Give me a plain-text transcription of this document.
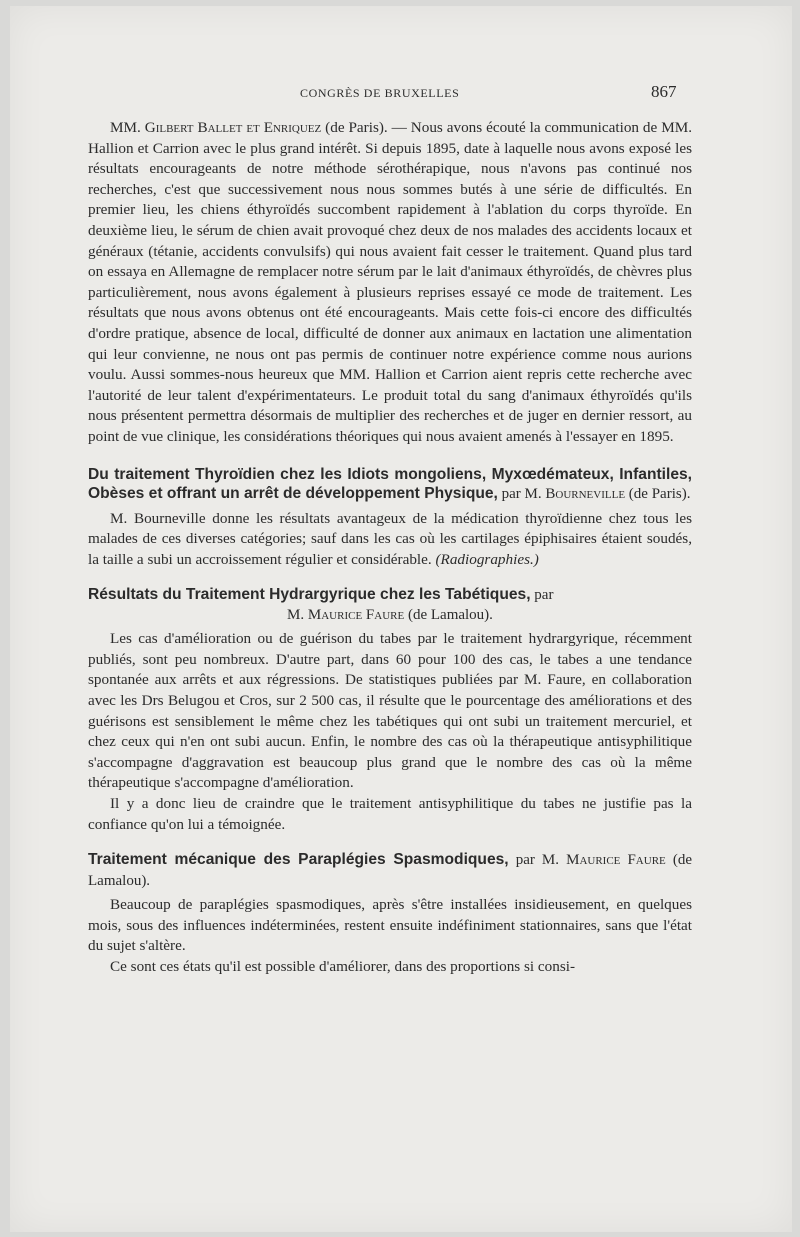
CONGRÈS DE BRUXELLES	867

MM. Gilbert Ballet et Enriquez (de Paris). — Nous avons écouté la communication de MM. Hallion et Carrion avec le plus grand intérêt. Si depuis 1895, date à laquelle nous avons exposé les résultats encourageants de notre méthode sérothérapique, nous n'avons pas continué nos recherches, c'est que successivement nous nous sommes butés à une série de difficultés. En premier lieu, les chiens éthyroïdés succombent rapidement à l'ablation du corps thyroïde. En deuxième lieu, le sérum de chien avait provoqué chez deux de nos malades des accidents locaux et généraux (tétanie, accidents convulsifs) qui nous avaient fait cesser le traitement. Quand plus tard on essaya en Allemagne de remplacer notre sérum par le lait d'animaux éthyroïdés, de chèvres plus particulièrement, nous avons également à plusieurs reprises essayé ce mode de traitement. Les résultats que nous avons obtenus ont été encourageants. Mais cette fois-ci encore des difficultés d'ordre pratique, absence de local, difficulté de donner aux animaux en lactation une alimentation qui leur convienne, ne nous ont pas permis de continuer notre expérience comme nous aurions voulu. Aussi sommes-nous heureux que MM. Hallion et Carrion aient repris cette recherche avec l'autorité de leur talent d'expérimentateurs. Le produit total du sang d'animaux éthyroïdés qu'ils nous présentent permettra désormais de multiplier des recherches et de juger en dernier ressort, au point de vue clinique, les considérations théoriques qui nous avaient amenés à l'essayer en 1895.

Du traitement Thyroïdien chez les Idiots mongoliens, Myxœdémateux, Infantiles, Obèses et offrant un arrêt de développement Physique, par M. Bourneville (de Paris).

M. Bourneville donne les résultats avantageux de la médication thyroïdienne chez tous les malades de ces diverses catégories; sauf dans les cas où les cartilages épiphisaires étaient soudés, la taille a subi un accroissement régulier et considérable. (Radiographies.)

Résultats du Traitement Hydrargyrique chez les Tabétiques, par
M. Maurice Faure (de Lamalou).

Les cas d'amélioration ou de guérison du tabes par le traitement hydrargyrique, récemment publiés, sont peu nombreux. D'autre part, dans 60 pour 100 des cas, le tabes a une tendance spontanée aux arrêts et aux régressions. De statistiques publiées par M. Faure, en collaboration avec les Drs Belugou et Cros, sur 2 500 cas, il résulte que le pourcentage des améliorations et des guérisons est sensiblement le même chez les tabétiques qui ont subi un traitement mercuriel, et chez ceux qui n'en ont subi aucun. Enfin, le nombre des cas où la thérapeutique antisyphilitique s'accompagne d'aggravation est beaucoup plus grand que le nombre des cas où la même thérapeutique s'accompagne d'amélioration.

Il y a donc lieu de craindre que le traitement antisyphilitique du tabes ne justifie pas la confiance qu'on lui a témoignée.

Traitement mécanique des Paraplégies Spasmodiques, par M. Maurice Faure (de Lamalou).

Beaucoup de paraplégies spasmodiques, après s'être installées insidieusement, en quelques mois, sous des influences indéterminées, restent ensuite indéfiniment stationnaires, sans que l'état du sujet s'altère.

Ce sont ces états qu'il est possible d'améliorer, dans des proportions si consi-
